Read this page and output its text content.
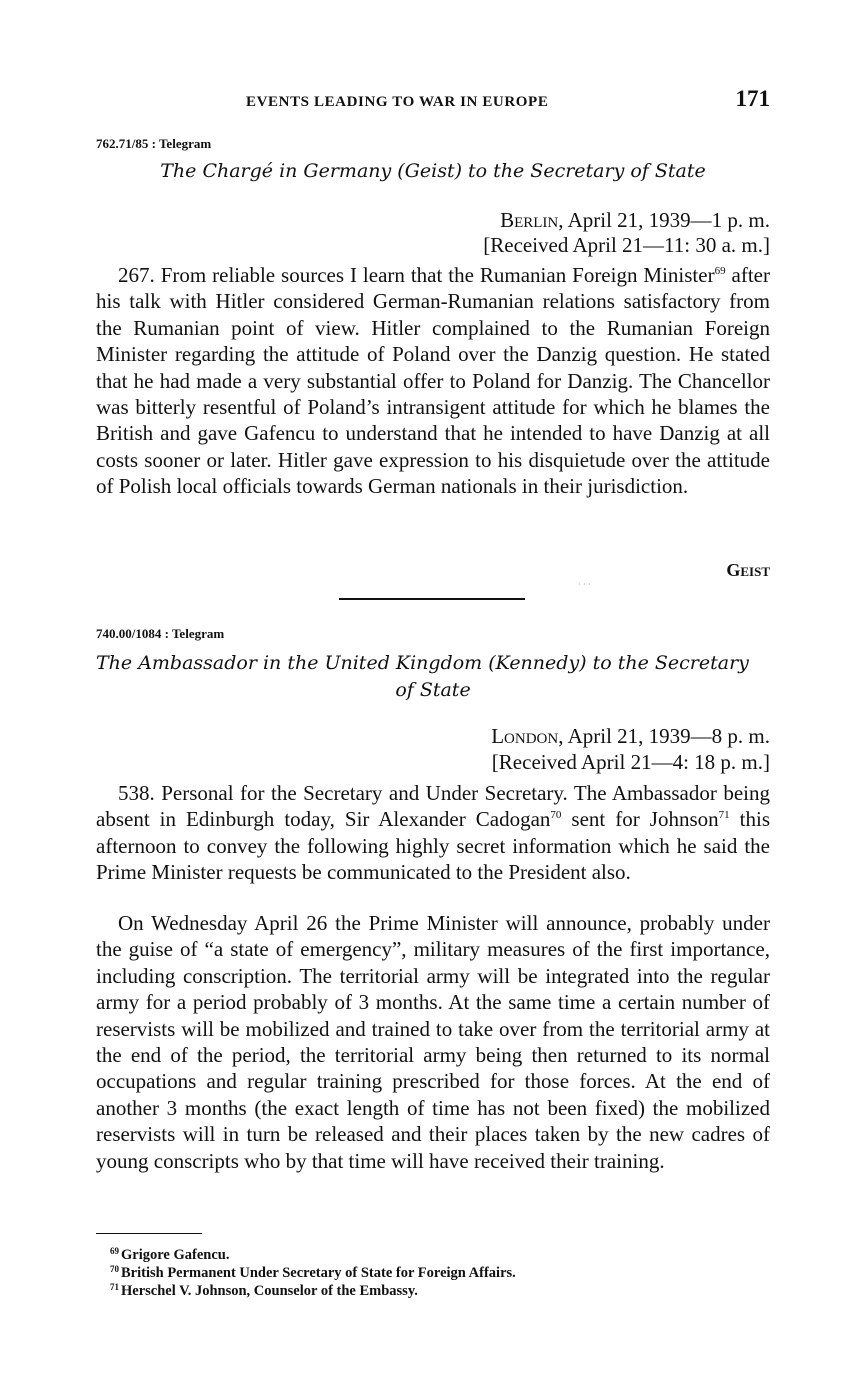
EVENTS LEADING TO WAR IN EUROPE	171
762.71/85 : Telegram
The Chargé in Germany (Geist) to the Secretary of State
Berlin, April 21, 1939—1 p. m.
[Received April 21—11: 30 a. m.]

267. From reliable sources I learn that the Rumanian Foreign Minister$^{69}$ after his talk with Hitler considered German-Rumanian relations satisfactory from the Rumanian point of view. Hitler complained to the Rumanian Foreign Minister regarding the attitude of Poland over the Danzig question. He stated that he had made a very substantial offer to Poland for Danzig. The Chancellor was bitterly resentful of Poland’s intransigent attitude for which he blames the British and gave Gafencu to understand that he intended to have Danzig at all costs sooner or later. Hitler gave expression to his disquietude over the attitude of Polish local officials towards German nationals in their jurisdiction.

Geist
· · ·
740.00/1084 : Telegram
The Ambassador in the United Kingdom (Kennedy) to the Secretary
of State
London, April 21, 1939—8 p. m.
[Received April 21—4: 18 p. m.]

538. Personal for the Secretary and Under Secretary. The Ambassador being absent in Edinburgh today, Sir Alexander Cadogan$^{70}$ sent for Johnson$^{71}$ this afternoon to convey the following highly secret information which he said the Prime Minister requests be communicated to the President also.

On Wednesday April 26 the Prime Minister will announce, probably under the guise of “a state of emergency”, military measures of the first importance, including conscription. The territorial army will be integrated into the regular army for a period probably of 3 months. At the same time a certain number of reservists will be mobilized and trained to take over from the territorial army at the end of the period, the territorial army being then returned to its normal occupations and regular training prescribed for those forces. At the end of another 3 months (the exact length of time has not been fixed) the mobilized reservists will in turn be released and their places taken by the new cadres of young conscripts who by that time will have received their training.

$^{69}$ Grigore Gafencu.
$^{70}$ British Permanent Under Secretary of State for Foreign Affairs.
$^{71}$ Herschel V. Johnson, Counselor of the Embassy.
